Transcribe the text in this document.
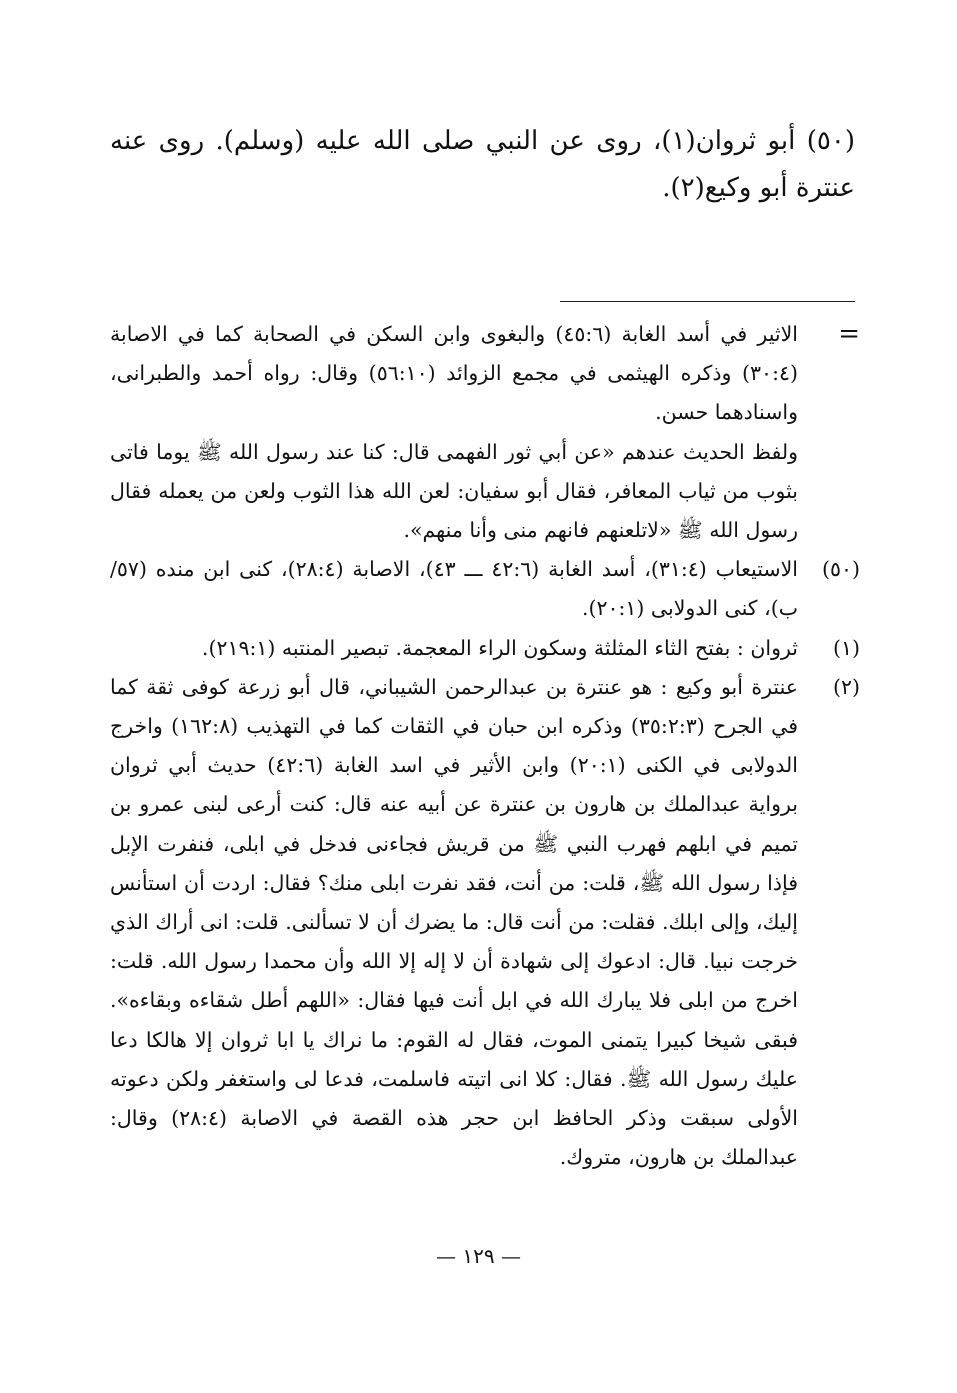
(٥٠) أبو ثروان(١)، روى عن النبي صلى الله عليه (وسلم). روى عنه عنترة أبو وكيع(٢).

=
الاثير في أسد الغابة (٤٥:٦) والبغوى وابن السكن في الصحابة كما في الاصابة (٣٠:٤) وذكره الهيثمى في مجمع الزوائد (٥٦:١٠) وقال: رواه أحمد والطبرانى، واسنادهما حسن.
ولفظ الحديث عندهم «عن أبي ثور الفهمى قال: كنا عند رسول الله ﷺ يوما فاتى بثوب من ثياب المعافر، فقال أبو سفيان: لعن الله هذا الثوب ولعن من يعمله فقال رسول الله ﷺ «لاتلعنهم فانهم منى وأنا منهم».
(٥٠)
الاستيعاب (٣١:٤)، أسد الغابة (٤٢:٦ ـــ ٤٣)، الاصابة (٢٨:٤)، كنى ابن منده (٥٧/ب)، كنى الدولابى (٢٠:١).
(١)
ثروان : بفتح الثاء المثلثة وسكون الراء المعجمة. تبصير المنتبه (٢١٩:١).
(٢)
عنترة أبو وكيع : هو عنترة بن عبدالرحمن الشيباني، قال أبو زرعة كوفى ثقة كما في الجرح (٣٥:٢:٣) وذكره ابن حبان في الثقات كما في التهذيب (١٦٢:٨) واخرج الدولابى في الكنى (٢٠:١) وابن الأثير في اسد الغابة (٤٢:٦) حديث أبي ثروان برواية عبدالملك بن هارون بن عنترة عن أبيه عنه قال: كنت أرعى لبنى عمرو بن تميم في ابلهم فهرب النبي ﷺ من قريش فجاءنى فدخل في ابلى، فنفرت الإبل فإذا رسول الله ﷺ، قلت: من أنت، فقد نفرت ابلى منك؟ فقال: اردت أن استأنس إليك، وإلى ابلك. فقلت: من أنت قال: ما يضرك أن لا تسألنى. قلت: انى أراك الذي خرجت نبيا. قال: ادعوك إلى شهادة أن لا إله إلا الله وأن محمدا رسول الله. قلت: اخرج من ابلى فلا يبارك الله في ابل أنت فيها فقال: «اللهم أطل شقاءه وبقاءه». فبقى شيخا كبيرا يتمنى الموت، فقال له القوم: ما نراك يا ابا ثروان إلا هالكا دعا عليك رسول الله ﷺ. فقال: كلا انى اتيته فاسلمت، فدعا لى واستغفر ولكن دعوته الأولى سبقت وذكر الحافظ ابن حجر هذه القصة في الاصابة (٢٨:٤) وقال: عبدالملك بن هارون، متروك.
— ١٢٩ —
